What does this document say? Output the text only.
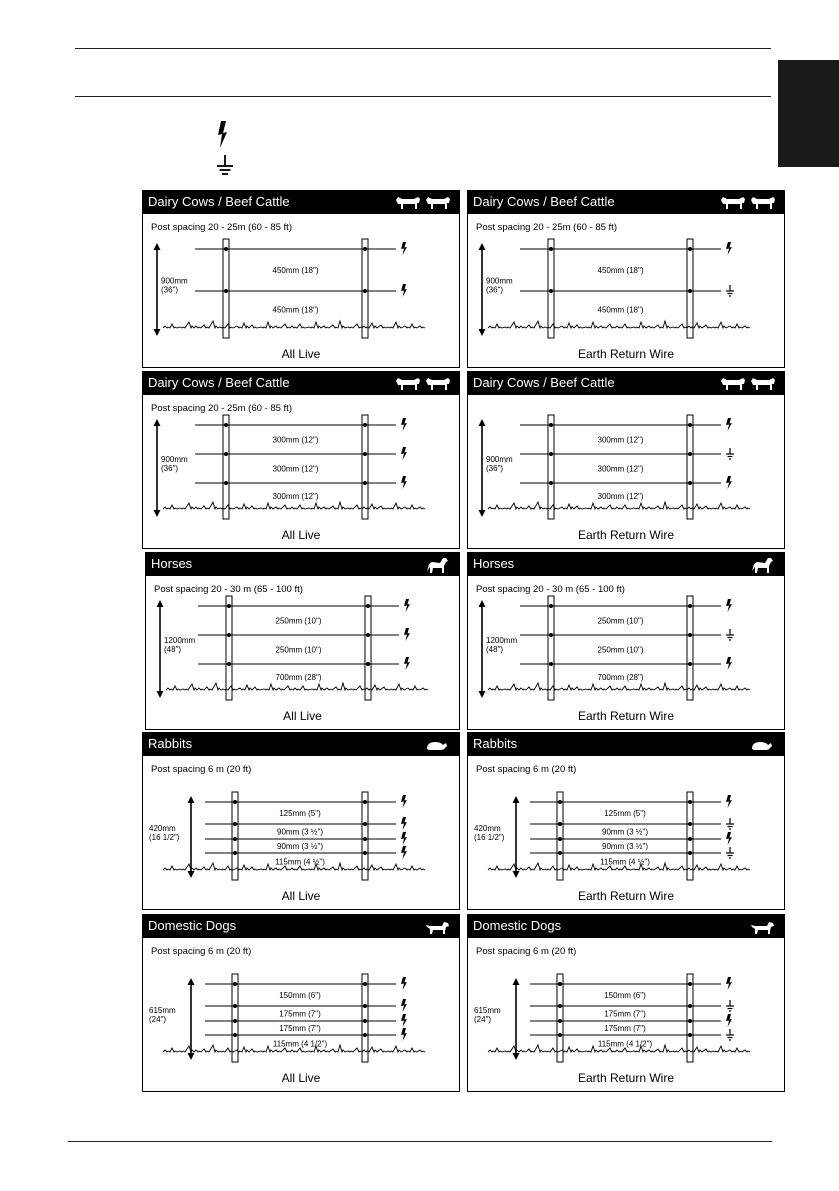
Dairy Cows / Beef Cattle
Post spacing 20 - 25m (60 - 85 ft)
450mm (18")
450mm (18")
900mm
(36")
All Live
Dairy Cows / Beef Cattle
Post spacing 20 - 25m (60 - 85 ft)
450mm (18")
450mm (18")
900mm
(36")
Earth Return Wire
Dairy Cows / Beef Cattle
Post spacing 20 - 25m (60 - 85 ft)
300mm (12")
300mm (12")
300mm (12")
900mm
(36")
All Live
Dairy Cows / Beef Cattle
300mm (12")
300mm (12")
300mm (12")
900mm
(36")
Earth Return Wire
Horses
Post spacing 20 - 30 m (65 - 100 ft)
250mm (10")
250mm (10")
700mm (28")
1200mm
(48")
All Live
Horses
Post spacing 20 - 30 m (65 - 100 ft)
250mm (10")
250mm (10")
700mm (28")
1200mm
(48")
Earth Return Wire
Rabbits
Post spacing 6 m (20 ft)
125mm (5")
90mm (3 ½")
90mm (3 ½")
115mm (4 ½")
420mm
(16 1/2")
All Live
Rabbits
Post spacing 6 m (20 ft)
125mm (5")
90mm (3 ½")
90mm (3 ½")
115mm (4 ½")
420mm
(16 1/2")
Earth Return Wire
Domestic Dogs
Post spacing 6 m (20 ft)
150mm (6")
175mm (7")
175mm (7")
115mm (4 1/2")
615mm
(24")
All Live
Domestic Dogs
Post spacing 6 m (20 ft)
150mm (6")
175mm (7")
175mm (7")
115mm (4 1/2")
615mm
(24")
Earth Return Wire
